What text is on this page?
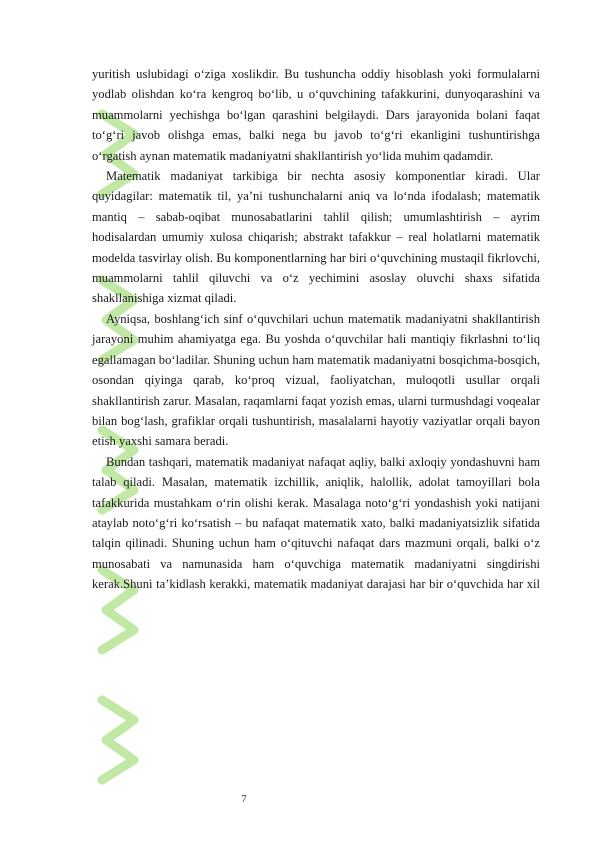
yuritish uslubidagi o‘ziga xoslikdir. Bu tushuncha oddiy hisoblash yoki formulalarni yodlab olishdan ko‘ra kengroq bo‘lib, u o‘quvchining tafakkurini, dunyoqarashini va muammolarni yechishga bo‘lgan qarashini belgilaydi. Dars jarayonida bolani faqat to‘g‘ri javob olishga emas, balki nega bu javob to‘g‘ri ekanligini tushuntirishga o‘rgatish aynan matematik madaniyatni shakllantirish yo‘lida muhim qadamdir.

Matematik madaniyat tarkibiga bir nechta asosiy komponentlar kiradi. Ular quyidagilar: matematik til, ya’ni tushunchalarni aniq va lo‘nda ifodalash; matematik mantiq – sabab-oqibat munosabatlarini tahlil qilish; umumlashtirish – ayrim hodisalardan umumiy xulosa chiqarish; abstrakt tafakkur – real holatlarni matematik modelda tasvirlay olish. Bu komponentlarning har biri o‘quvchining mustaqil fikrlovchi, muammolarni tahlil qiluvchi va o‘z yechimini asoslay oluvchi shaxs sifatida shakllanishiga xizmat qiladi.

Ayniqsa, boshlang‘ich sinf o‘quvchilari uchun matematik madaniyatni shakllantirish jarayoni muhim ahamiyatga ega. Bu yoshda o‘quvchilar hali mantiqiy fikrlashni to‘liq egallamagan bo‘ladilar. Shuning uchun ham matematik madaniyatni bosqichma-bosqich, osondan qiyinga qarab, ko‘proq vizual, faoliyatchan, muloqotli usullar orqali shakllantirish zarur. Masalan, raqamlarni faqat yozish emas, ularni turmushdagi voqealar bilan bog‘lash, grafiklar orqali tushuntirish, masalalarni hayotiy vaziyatlar orqali bayon etish yaxshi samara beradi.

Bundan tashqari, matematik madaniyat nafaqat aqliy, balki axloqiy yondashuvni ham talab qiladi. Masalan, matematik izchillik, aniqlik, halollik, adolat tamoyillari bola tafakkurida mustahkam o‘rin olishi kerak. Masalaga noto‘g‘ri yondashish yoki natijani ataylab noto‘g‘ri ko‘rsatish – bu nafaqat matematik xato, balki madaniyatsizlik sifatida talqin qilinadi. Shuning uchun ham o‘qituvchi nafaqat dars mazmuni orqali, balki o‘z munosabati va namunasida ham o‘quvchiga matematik madaniyatni singdirishi kerak.Shuni ta’kidlash kerakki, matematik madaniyat darajasi har bir o‘quvchida har xil

7
